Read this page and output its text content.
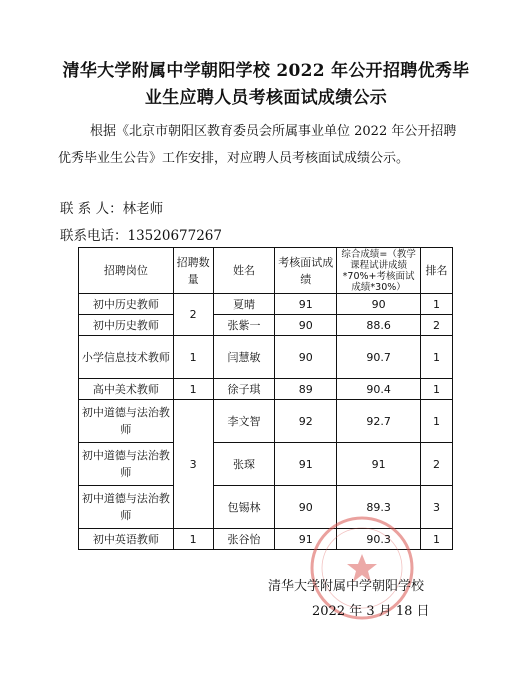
清华大学附属中学朝阳学校 2022 年公开招聘优秀毕业生应聘人员考核面试成绩公示
根据《北京市朝阳区教育委员会所属事业单位 2022 年公开招聘优秀毕业生公告》工作安排，对应聘人员考核面试成绩公示。
联 系 人：林老师
联系电话：13520677267
招聘岗位	招聘数量	姓名	考核面试成绩	综合成绩=（教学课程试讲成绩*70%+考核面试成绩*30%）	排名
初中历史教师	2	夏晴	91	90	1
初中历史教师		张紫一	90	88.6	2
小学信息技术教师	1	闫慧敏	90	90.7	1
高中美术教师	1	徐子琪	89	90.4	1
初中道德与法治教师	3	李文智	92	92.7	1
初中道德与法治教师		张琛	91	91	2
初中道德与法治教师		包锡林	90	89.3	3
初中英语教师	1	张谷怡	91	90.3	1
清华大学附属中学朝阳学校
2022 年 3 月 18 日
